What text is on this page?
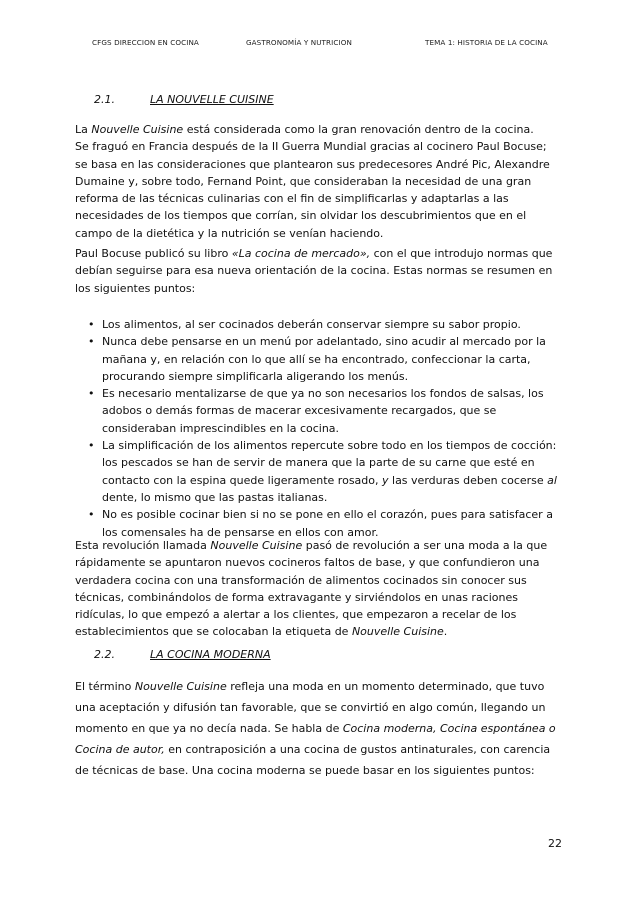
CFGS DIRECCION EN COCINA	GASTRONOMÍA Y NUTRICION	TEMA 1: HISTORIA DE LA COCINA
2.1.	LA NOUVELLE CUISINE
La Nouvelle Cuisine está considerada como la gran renovación dentro de la cocina.
Se fraguó en Francia después de la II Guerra Mundial gracias al cocinero Paul Bocuse;
se basa en las consideraciones que plantearon sus predecesores André Pic, Alexandre
Dumaine y, sobre todo, Fernand Point, que consideraban la necesidad de una gran
reforma de las técnicas culinarias con el fin de simplificarlas y adaptarlas a las
necesidades de los tiempos que corrían, sin olvidar los descubrimientos que en el
campo de la dietética y la nutrición se venían haciendo.
Paul Bocuse publicó su libro «La cocina de mercado», con el que introdujo normas que
debían seguirse para esa nueva orientación de la cocina. Estas normas se resumen en
los siguientes puntos:
• Los alimentos, al ser cocinados deberán conservar siempre su sabor propio.
• Nunca debe pensarse en un menú por adelantado, sino acudir al mercado por la
mañana y, en relación con lo que allí se ha encontrado, confeccionar la carta,
procurando siempre simplificarla aligerando los menús.
• Es necesario mentalizarse de que ya no son necesarios los fondos de salsas, los
adobos o demás formas de macerar excesivamente recargados, que se
consideraban imprescindibles en la cocina.
• La simplificación de los alimentos repercute sobre todo en los tiempos de cocción:
los pescados se han de servir de manera que la parte de su carne que esté en
contacto con la espina quede ligeramente rosado, y las verduras deben cocerse al
dente, lo mismo que las pastas italianas.
• No es posible cocinar bien si no se pone en ello el corazón, pues para satisfacer a
los comensales ha de pensarse en ellos con amor.
Esta revolución llamada Nouvelle Cuisine pasó de revolución a ser una moda a la que
rápidamente se apuntaron nuevos cocineros faltos de base, y que confundieron una
verdadera cocina con una transformación de alimentos cocinados sin conocer sus
técnicas, combinándolos de forma extravagante y sirviéndolos en unas raciones
ridículas, lo que empezó a alertar a los clientes, que empezaron a recelar de los
establecimientos que se colocaban la etiqueta de Nouvelle Cuisine.
2.2.	LA COCINA MODERNA
El término Nouvelle Cuisine refleja una moda en un momento determinado, que tuvo
una aceptación y difusión tan favorable, que se convirtió en algo común, llegando un
momento en que ya no decía nada. Se habla de Cocina moderna, Cocina espontánea o
Cocina de autor, en contraposición a una cocina de gustos antinaturales, con carencia
de técnicas de base. Una cocina moderna se puede basar en los siguientes puntos:
22
